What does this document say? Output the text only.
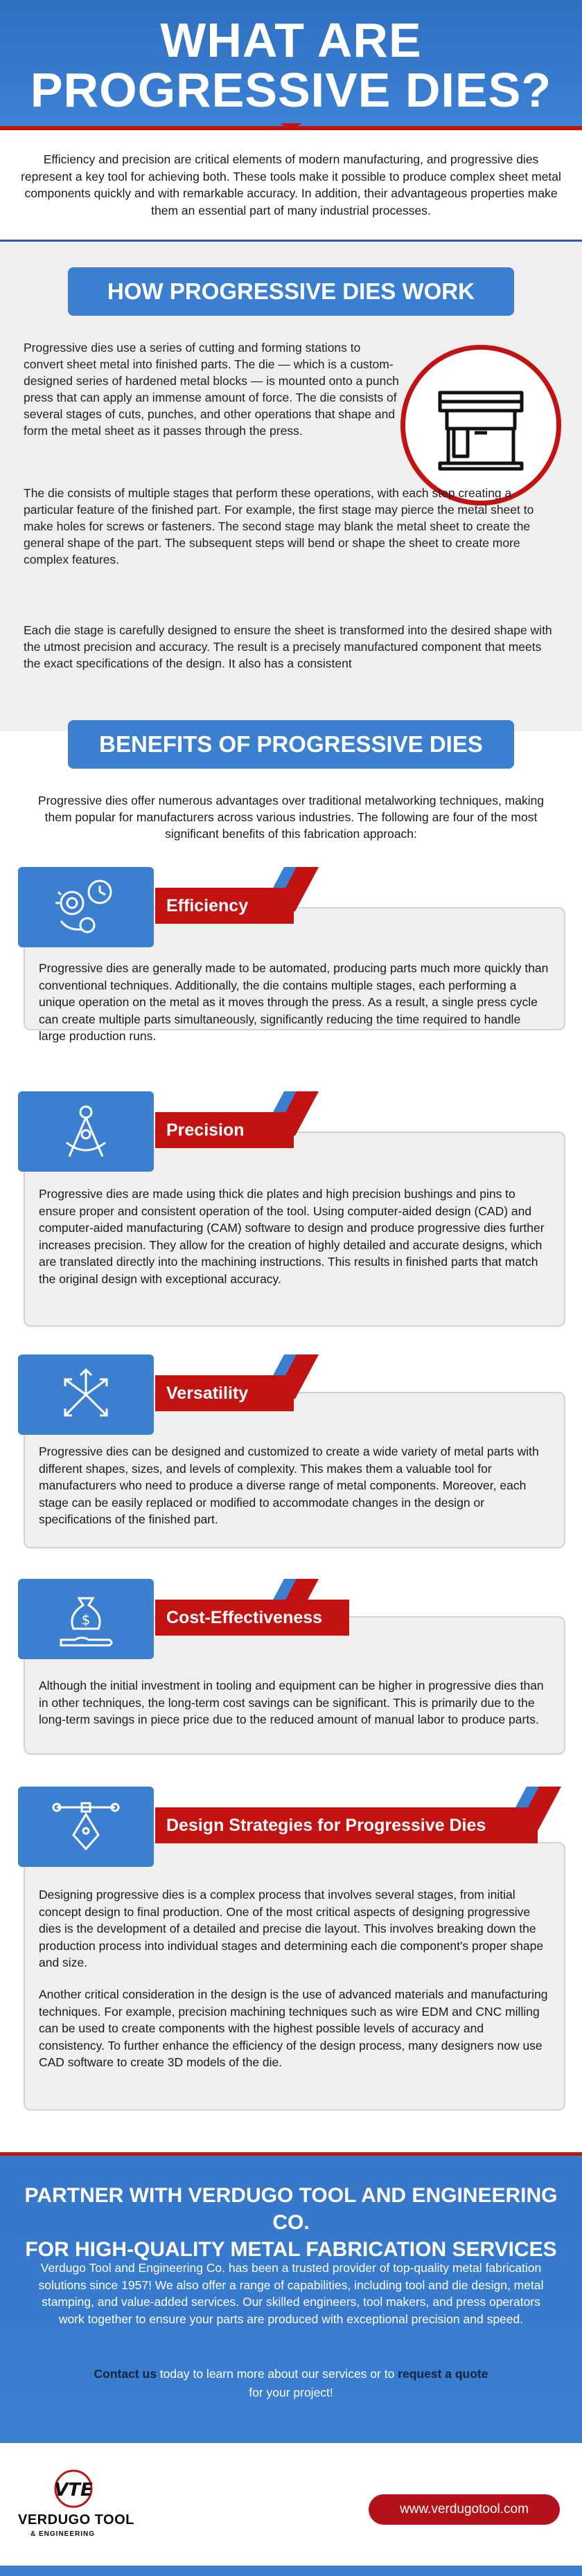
WHAT ARE
PROGRESSIVE DIES?

Efficiency and precision are critical elements of modern manufacturing, and progressive dies represent a key tool for achieving both. These tools make it possible to produce complex sheet metal components quickly and with remarkable accuracy. In addition, their advantageous properties make them an essential part of many industrial processes.

HOW PROGRESSIVE DIES WORK
Progressive dies use a series of cutting and forming stations to convert sheet metal into finished parts. The die — which is a custom-designed series of hardened metal blocks — is mounted onto a punch press that can apply an immense amount of force. The die consists of several stages of cuts, punches, and other operations that shape and form the metal sheet as it passes through the press.
The die consists of multiple stages that perform these operations, with each step creating a particular feature of the finished part. For example, the first stage may pierce the metal sheet to make holes for screws or fasteners. The second stage may blank the metal sheet to create the general shape of the part. The subsequent steps will bend or shape the sheet to create more complex features.
Each die stage is carefully designed to ensure the sheet is transformed into the desired shape with the utmost precision and accuracy. The result is a precisely manufactured component that meets the exact specifications of the design. It also has a consistent
BENEFITS OF PROGRESSIVE DIES

Progressive dies offer numerous advantages over traditional metalworking techniques, making them popular for manufacturers across various industries. The following are four of the most significant benefits of this fabrication approach:

Progressive dies are generally made to be automated, producing parts much more quickly than conventional techniques. Additionally, the die contains multiple stages, each performing a unique operation on the metal as it moves through the press. As a result, a single press cycle can create multiple parts simultaneously, significantly reducing the time required to handle large production runs.
Efficiency
Progressive dies are made using thick die plates and high precision bushings and pins to ensure proper and consistent operation of the tool. Using computer-aided design (CAD) and computer-aided manufacturing (CAM) software to design and produce progressive dies further increases precision. They allow for the creation of highly detailed and accurate designs, which are translated directly into the machining instructions. This results in finished parts that match the original design with exceptional accuracy.
Precision
Progressive dies can be designed and customized to create a wide variety of metal parts with different shapes, sizes, and levels of complexity. This makes them a valuable tool for manufacturers who need to produce a diverse range of metal components. Moreover, each stage can be easily replaced or modified to accommodate changes in the design or specifications of the finished part.
Versatility
Although the initial investment in tooling and equipment can be higher in progressive dies than in other techniques, the long-term cost savings can be significant. This is primarily due to the long-term savings in piece price due to the reduced amount of manual labor to produce parts.
Cost-Effectiveness
$
Designing progressive dies is a complex process that involves several stages, from initial concept design to final production. One of the most critical aspects of designing progressive dies is the development of a detailed and precise die layout. This involves breaking down the production process into individual stages and determining each die component's proper shape and size.
Another critical consideration in the design is the use of advanced materials and manufacturing techniques. For example, precision machining techniques such as wire EDM and CNC milling can be used to create components with the highest possible levels of accuracy and consistency. To further enhance the efficiency of the design process, many designers now use CAD software to create 3D models of the die.
Design Strategies for Progressive Dies
PARTNER WITH VERDUGO TOOL AND ENGINEERING CO.
FOR HIGH-QUALITY METAL FABRICATION SERVICES

Verdugo Tool and Engineering Co. has been a trusted provider of top-quality metal fabrication solutions since 1957! We also offer a range of capabilities, including tool and die design, metal stamping, and value-added services. Our skilled engineers, tool makers, and press operators work together to ensure your parts are produced with exceptional precision and speed.

Contact us today to learn more about our services or to request a quote
for your project!

VTE
VERDUGO TOOL
& ENGINEERING
www.verdugotool.com
